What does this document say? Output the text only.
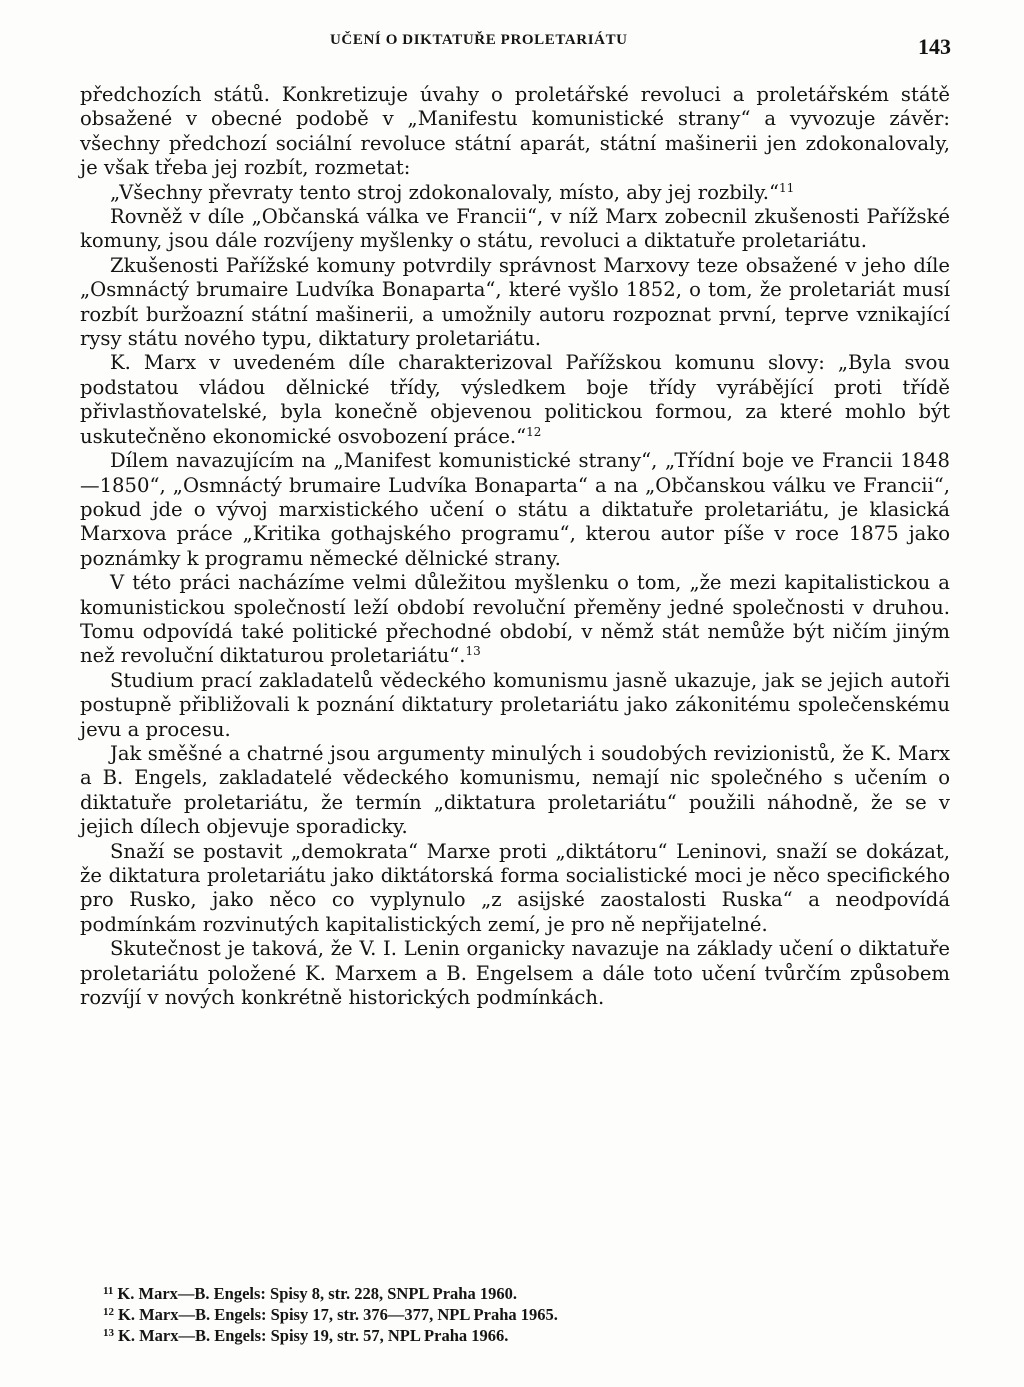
UČENÍ O DIKTATUŘE PROLETARIÁTU	143

předchozích států. Konkretizuje úvahy o proletářské revoluci a proletářském státě obsažené v obecné podobě v „Manifestu komunistické strany“ a vyvozuje závěr: všechny předchozí sociální revoluce státní aparát, státní mašinerii jen zdokonalovaly, je však třeba jej rozbít, rozmetat:

„Všechny převraty tento stroj zdokonalovaly, místo, aby jej rozbily.“$^{11}$

Rovněž v díle „Občanská válka ve Francii“, v níž Marx zobecnil zkušenosti Pařížské komuny, jsou dále rozvíjeny myšlenky o státu, revoluci a diktatuře proletariátu.

Zkušenosti Pařížské komuny potvrdily správnost Marxovy teze obsažené v jeho díle „Osmnáctý brumaire Ludvíka Bonaparta“, které vyšlo 1852, o tom, že proletariát musí rozbít buržoazní státní mašinerii, a umožnily autoru rozpoznat první, teprve vznikající rysy státu nového typu, diktatury proletariátu.

K. Marx v uvedeném díle charakterizoval Pařížskou komunu slovy: „Byla svou podstatou vládou dělnické třídy, výsledkem boje třídy vyrábějící proti třídě přivlastňovatelské, byla konečně objevenou politickou formou, za které mohlo být uskutečněno ekonomické osvobození práce.“$^{12}$

Dílem navazujícím na „Manifest komunistické strany“, „Třídní boje ve Francii 1848—1850“, „Osmnáctý brumaire Ludvíka Bonaparta“ a na „Občanskou válku ve Francii“, pokud jde o vývoj marxistického učení o státu a diktatuře proletariátu, je klasická Marxova práce „Kritika gothajského programu“, kterou autor píše v roce 1875 jako poznámky k programu německé dělnické strany.

V této práci nacházíme velmi důležitou myšlenku o tom, „že mezi kapitalistickou a komunistickou společností leží období revoluční přeměny jedné společnosti v druhou. Tomu odpovídá také politické přechodné období, v němž stát nemůže být ničím jiným než revoluční diktaturou proletariátu“.$^{13}$

Studium prací zakladatelů vědeckého komunismu jasně ukazuje, jak se jejich autoři postupně přibližovali k poznání diktatury proletariátu jako zákonitému společenskému jevu a procesu.

Jak směšné a chatrné jsou argumenty minulých i soudobých revizionistů, že K. Marx a B. Engels, zakladatelé vědeckého komunismu, nemají nic společného s učením o diktatuře proletariátu, že termín „diktatura proletariátu“ použili náhodně, že se v jejich dílech objevuje sporadicky.

Snaží se postavit „demokrata“ Marxe proti „diktátoru“ Leninovi, snaží se dokázat, že diktatura proletariátu jako diktátorská forma socialistické moci je něco specifického pro Rusko, jako něco co vyplynulo „z asijské zaostalosti Ruska“ a neodpovídá podmínkám rozvinutých kapitalistických zemí, je pro ně nepřijatelné.

Skutečnost je taková, že V. I. Lenin organicky navazuje na základy učení o diktatuře proletariátu položené K. Marxem a B. Engelsem a dále toto učení tvůrčím způsobem rozvíjí v nových konkrétně historických podmínkách.

$^{11}$ K. Marx—B. Engels: Spisy 8, str. 228, SNPL Praha 1960.
$^{12}$ K. Marx—B. Engels: Spisy 17, str. 376—377, NPL Praha 1965.
$^{13}$ K. Marx—B. Engels: Spisy 19, str. 57, NPL Praha 1966.
